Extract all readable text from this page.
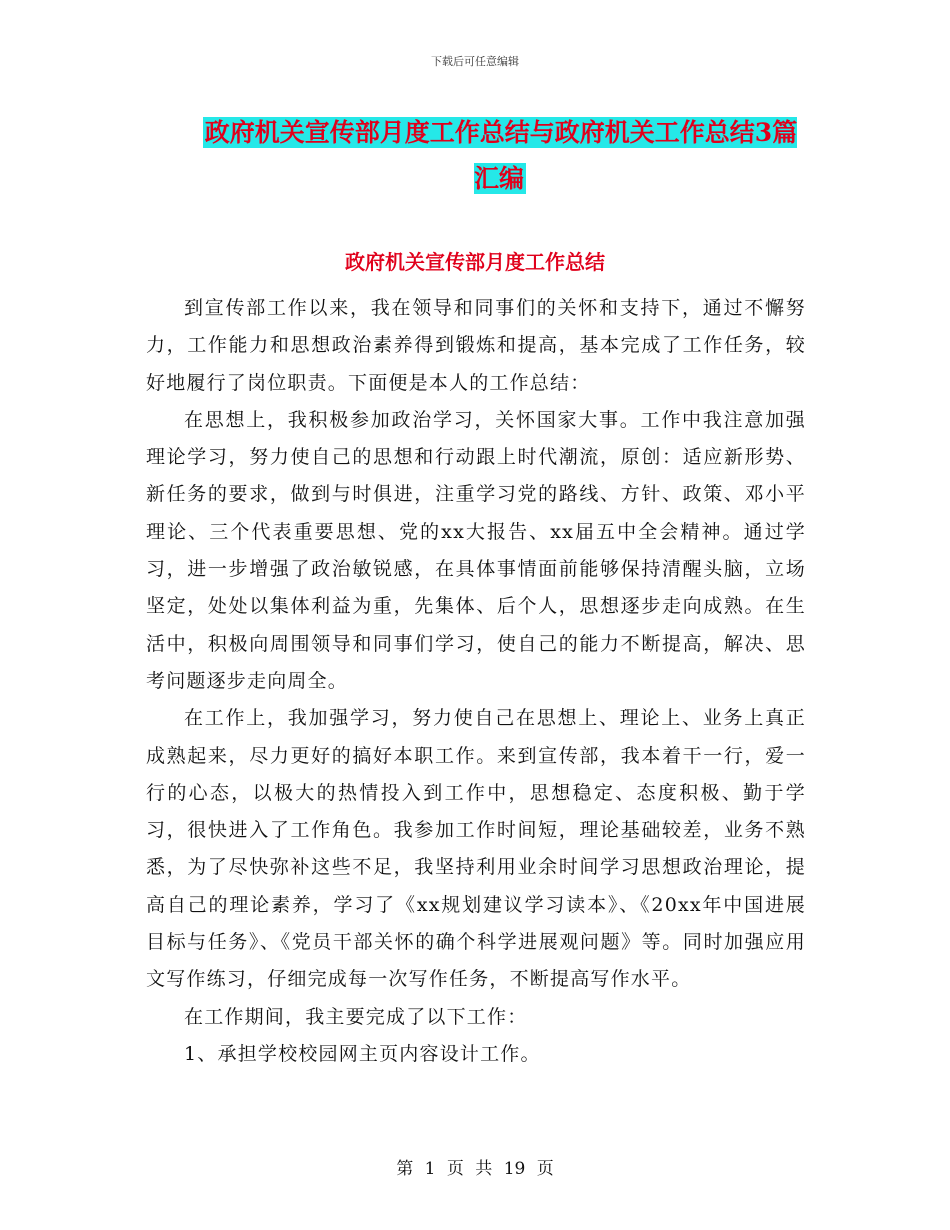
下载后可任意编辑
政府机关宣传部月度工作总结与政府机关工作总结3篇汇编
政府机关宣传部月度工作总结

到宣传部工作以来，我在领导和同事们的关怀和支持下，通过不懈努力，工作能力和思想政治素养得到锻炼和提高，基本完成了工作任务，较好地履行了岗位职责。下面便是本人的工作总结：

在思想上，我积极参加政治学习，关怀国家大事。工作中我注意加强理论学习，努力使自己的思想和行动跟上时代潮流，原创：适应新形势、新任务的要求，做到与时俱进，注重学习党的路线、方针、政策、邓小平理论、三个代表重要思想、党的xx大报告、xx届五中全会精神。通过学习，进一步增强了政治敏锐感，在具体事情面前能够保持清醒头脑，立场坚定，处处以集体利益为重，先集体、后个人，思想逐步走向成熟。在生活中，积极向周围领导和同事们学习，使自己的能力不断提高，解决、思考问题逐步走向周全。

在工作上，我加强学习，努力使自己在思想上、理论上、业务上真正成熟起来，尽力更好的搞好本职工作。来到宣传部，我本着干一行，爱一行的心态，以极大的热情投入到工作中，思想稳定、态度积极、勤于学习，很快进入了工作角色。我参加工作时间短，理论基础较差，业务不熟悉，为了尽快弥补这些不足，我坚持利用业余时间学习思想政治理论，提高自己的理论素养，学习了《xx规划建议学习读本》、《20xx年中国进展目标与任务》、《党员干部关怀的确个科学进展观问题》等。同时加强应用文写作练习，仔细完成每一次写作任务，不断提高写作水平。

在工作期间，我主要完成了以下工作：

1、承担学校校园网主页内容设计工作。

第 1 页 共 19 页
